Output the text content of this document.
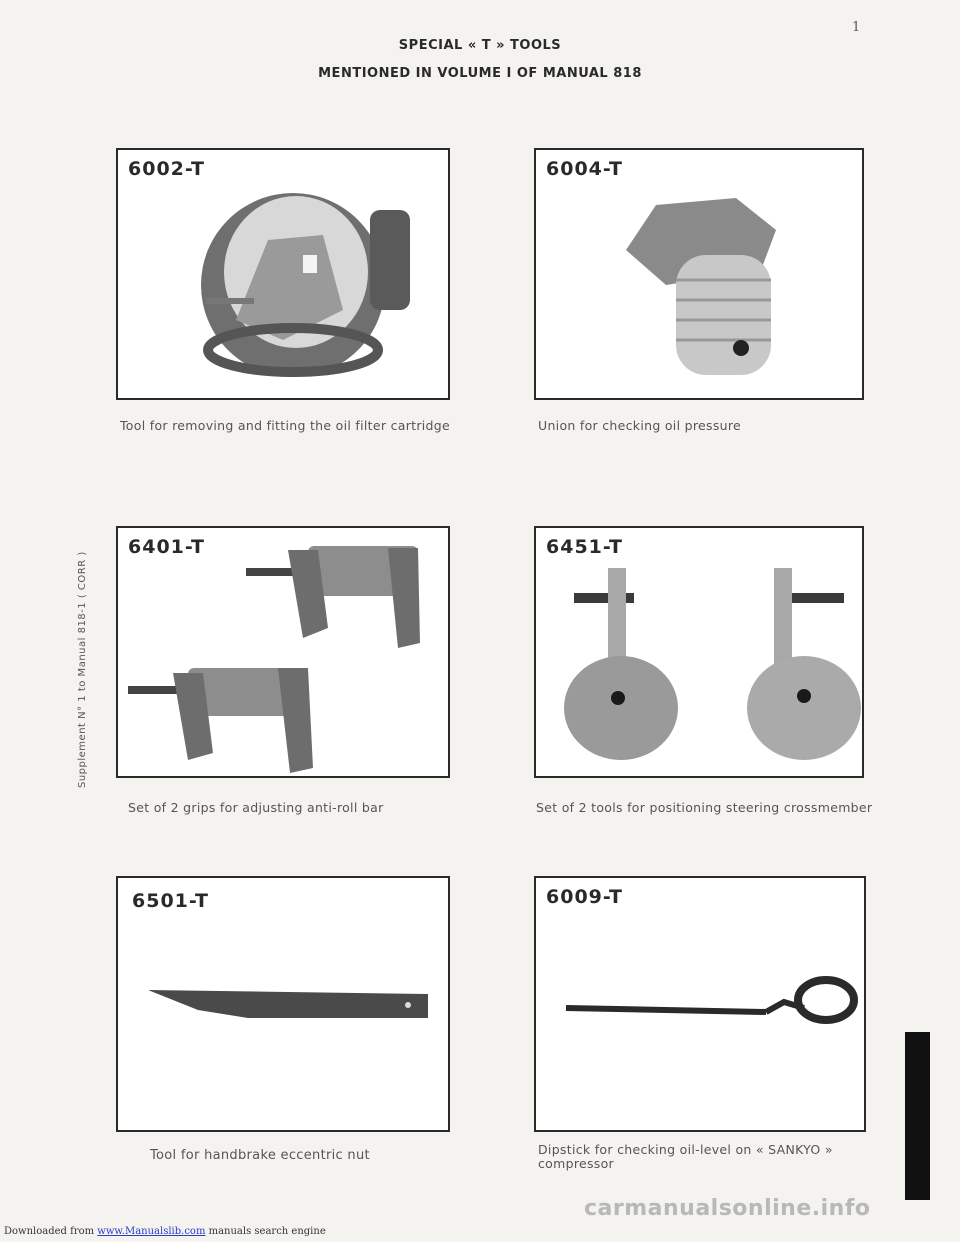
1
SPECIAL « T » TOOLS
MENTIONED IN VOLUME I OF MANUAL 818
Supplement N° 1 to Manual 818-1 ( CORR )
6002-T
Tool for removing and fitting the oil filter cartridge
6004-T
Union for checking oil pressure
6401-T
Set of 2 grips for adjusting anti-roll bar
6451-T
Set of 2 tools for positioning steering crossmember
6501-T
Tool for handbrake eccentric nut
6009-T
Dipstick for checking oil-level on « SANKYO »
compressor
carmanualsonline.info
Downloaded from www.Manualslib.com manuals search engine
